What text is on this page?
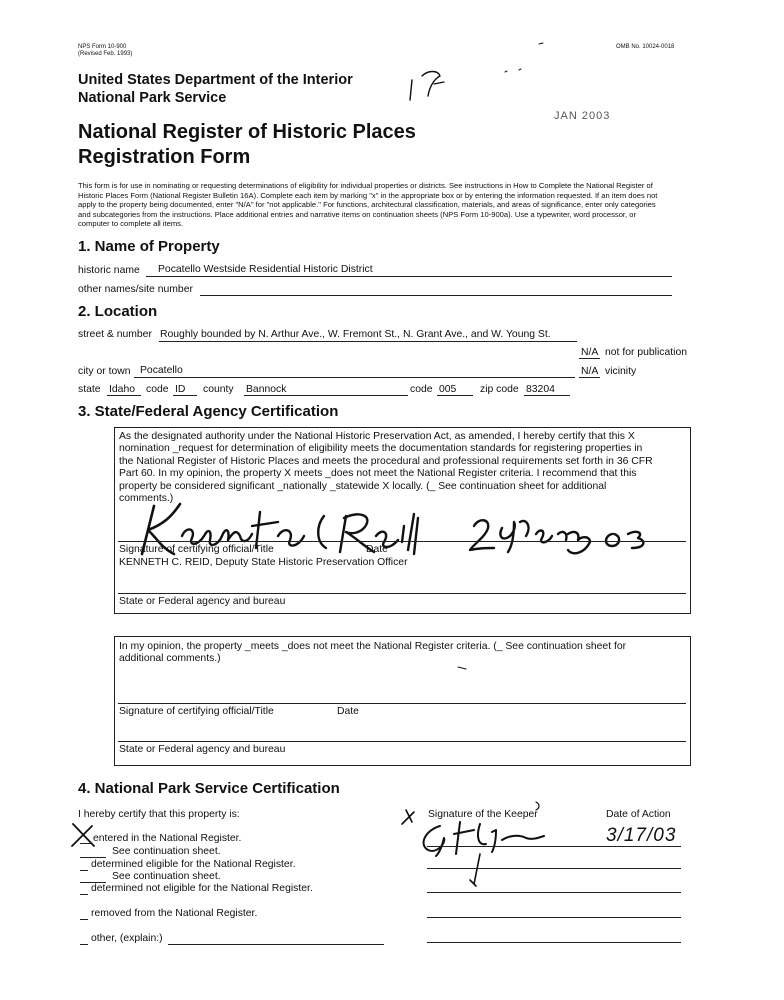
NPS Form 10-900
(Revised Feb. 1993)
OMB No. 10024-0018
United States Department of the Interior
National Park Service
National Register of Historic Places
Registration Form
JAN 2003
This form is for use in nominating or requesting determinations of eligibility for individual properties or districts. See instructions in How to Complete the National Register of
Historic Places Form (National Register Bulletin 16A). Complete each item by marking "x" in the appropriate box or by entering the information requested. If an item does not
apply to the property being documented, enter "N/A" for "not applicable." For functions, architectural classification, materials, and areas of significance, enter only categories
and subcategories from the instructions. Place additional entries and narrative items on continuation sheets (NPS Form 10-900a). Use a typewriter, word processor, or
computer to complete all items.
1. Name of Property
historic name Pocatello Westside Residential Historic District
other names/site number
2. Location
street & number Roughly bounded by N. Arthur Ave., W. Fremont St., N. Grant Ave., and W. Young St.
N/A not for publication
city or town Pocatello	N/A vicinity
state Idaho	code ID	county Bannock	code 005	zip code 83204
3. State/Federal Agency Certification
As the designated authority under the National Historic Preservation Act, as amended, I hereby certify that this X
nomination _request for determination of eligibility meets the documentation standards for registering properties in
the National Register of Historic Places and meets the procedural and professional requirements set forth in 36 CFR
Part 60. In my opinion, the property X meets _does not meet the National Register criteria. I recommend that this
property be considered significant _nationally _statewide X locally. (_ See continuation sheet for additional
comments.)
Signature of certifying official/Title	Date
KENNETH C. REID, Deputy State Historic Preservation Officer
State or Federal agency and bureau
In my opinion, the property _meets _does not meet the National Register criteria. (_ See continuation sheet for
additional comments.)
Signature of certifying official/Title	Date
State or Federal agency and bureau
4. National Park Service Certification
I hereby certify that this property is:	Signature of the Keeper	Date of Action
3/17/03
entered in the National Register.
See continuation sheet.
determined eligible for the National Register.
See continuation sheet.
determined not eligible for the National Register.
removed from the National Register.
other, (explain:)
